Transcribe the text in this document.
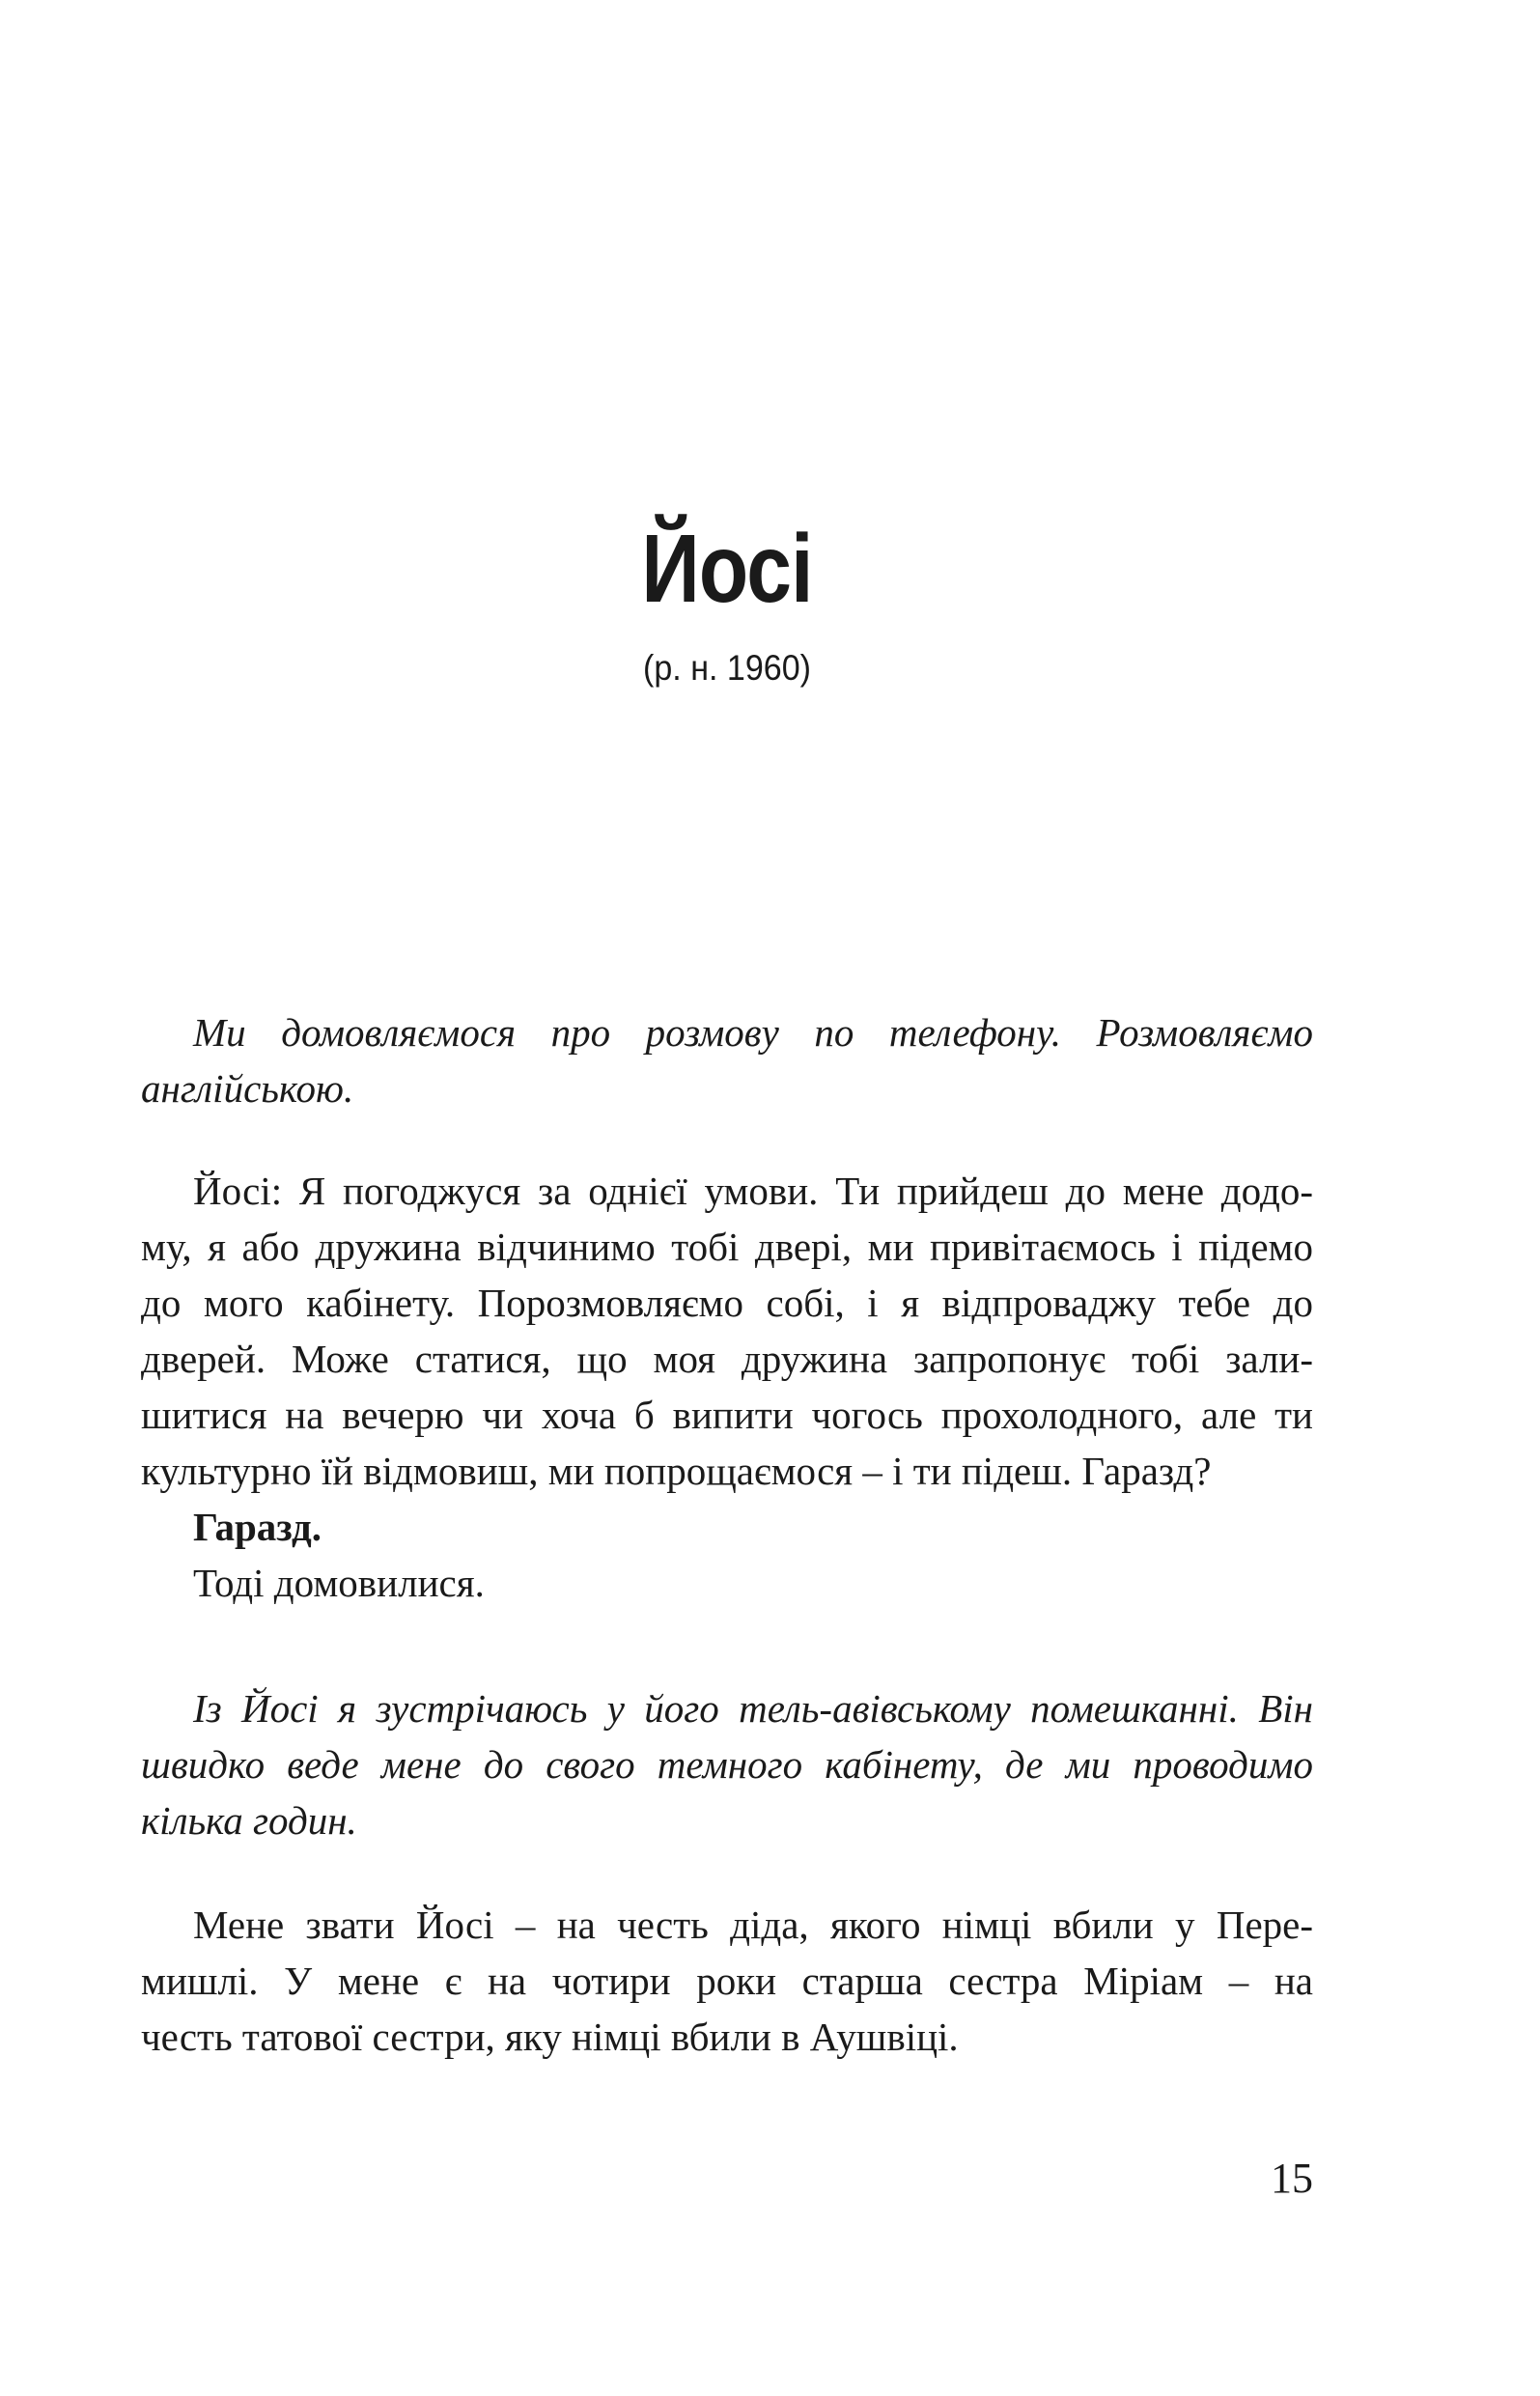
Йосі
(р. н. 1960)
Ми домовляємося про розмову по телефону. Розмовляємо
англійською.
Йосі: Я погоджуся за однієї умови. Ти прийдеш до мене додо-
му, я або дружина відчинимо тобі двері, ми привітаємось і підемо
до мого кабінету. Порозмовляємо собі, і я відпроваджу тебе до
дверей. Може статися, що моя дружина запропонує тобі зали-
шитися на вечерю чи хоча б випити чогось прохолодного, але ти
культурно їй відмовиш, ми попрощаємося – і ти підеш. Гаразд?
Гаразд.
Тоді домовилися.
Із Йосі я зустрічаюсь у його тель-авівському помешканні. Він
швидко веде мене до свого темного кабінету, де ми проводимо
кілька годин.
Мене звати Йосі – на честь діда, якого німці вбили у Пере-
мишлі. У мене є на чотири роки старша сестра Міріам – на
честь татової сестри, яку німці вбили в Аушвіці.
15
